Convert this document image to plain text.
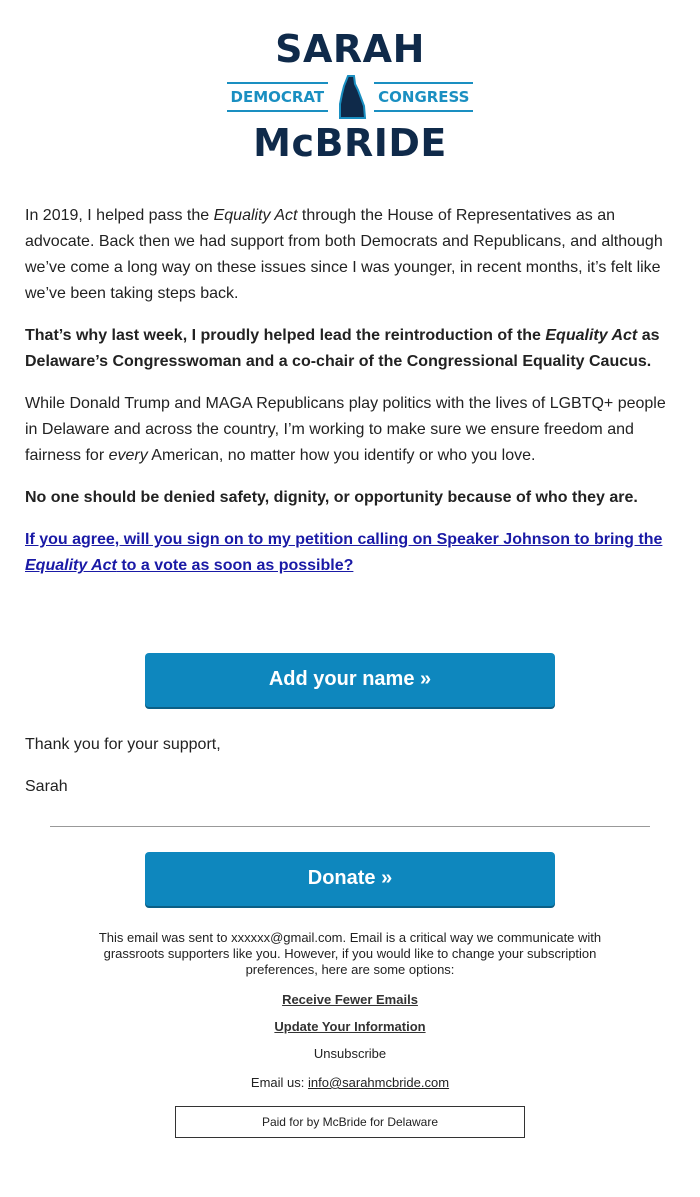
SARAH
DEMOCRAT	CONGRESS
McBRIDE

In 2019, I helped pass the Equality Act through the House of Representatives as an advocate. Back then we had support from both Democrats and Republicans, and although we’ve come a long way on these issues since I was younger, in recent months, it’s felt like we’ve been taking steps back.

That’s why last week, I proudly helped lead the reintroduction of the Equality Act as Delaware’s Congresswoman and a co-chair of the Congressional Equality Caucus.

While Donald Trump and MAGA Republicans play politics with the lives of LGBTQ+ people in Delaware and across the country, I’m working to make sure we ensure freedom and fairness for every American, no matter how you identify or who you love.

No one should be denied safety, dignity, or opportunity because of who they are.

If you agree, will you sign on to my petition calling on Speaker Johnson to bring the Equality Act to a vote as soon as possible?

Add your name »
Thank you for your support,
Sarah
Donate »

This email was sent to xxxxxx@gmail.com. Email is a critical way we communicate with grassroots supporters like you. However, if you would like to change your subscription preferences, here are some options:

Receive Fewer Emails
Update Your Information
Unsubscribe
Email us: info@sarahmcbride.com
Paid for by McBride for Delaware
